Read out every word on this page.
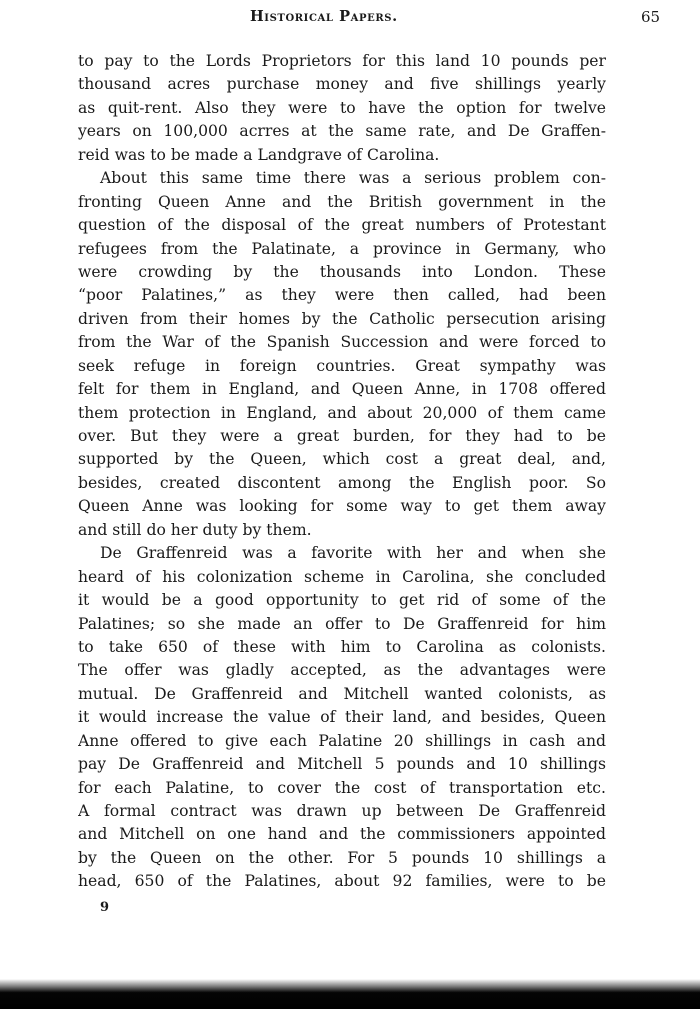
Historical Papers.	65
to pay to the Lords Proprietors for this land 10 pounds per
thousand acres purchase money and five shillings yearly
as quit-rent. Also they were to have the option for twelve
years on 100,000 acrres at the same rate, and De Graffen-
reid was to be made a Landgrave of Carolina.
About this same time there was a serious problem con-
fronting Queen Anne and the British government in the
question of the disposal of the great numbers of Protestant
refugees from the Palatinate, a province in Germany, who
were crowding by the thousands into London. These
“poor Palatines,” as they were then called, had been
driven from their homes by the Catholic persecution arising
from the War of the Spanish Succession and were forced to
seek refuge in foreign countries. Great sympathy was
felt for them in England, and Queen Anne, in 1708 offered
them protection in England, and about 20,000 of them came
over. But they were a great burden, for they had to be
supported by the Queen, which cost a great deal, and,
besides, created discontent among the English poor. So
Queen Anne was looking for some way to get them away
and still do her duty by them.
De Graffenreid was a favorite with her and when she
heard of his colonization scheme in Carolina, she concluded
it would be a good opportunity to get rid of some of the
Palatines; so she made an offer to De Graffenreid for him
to take 650 of these with him to Carolina as colonists.
The offer was gladly accepted, as the advantages were
mutual. De Graffenreid and Mitchell wanted colonists, as
it would increase the value of their land, and besides, Queen
Anne offered to give each Palatine 20 shillings in cash and
pay De Graffenreid and Mitchell 5 pounds and 10 shillings
for each Palatine, to cover the cost of transportation etc.
A formal contract was drawn up between De Graffenreid
and Mitchell on one hand and the commissioners appointed
by the Queen on the other. For 5 pounds 10 shillings a
head, 650 of the Palatines, about 92 families, were to be
9
